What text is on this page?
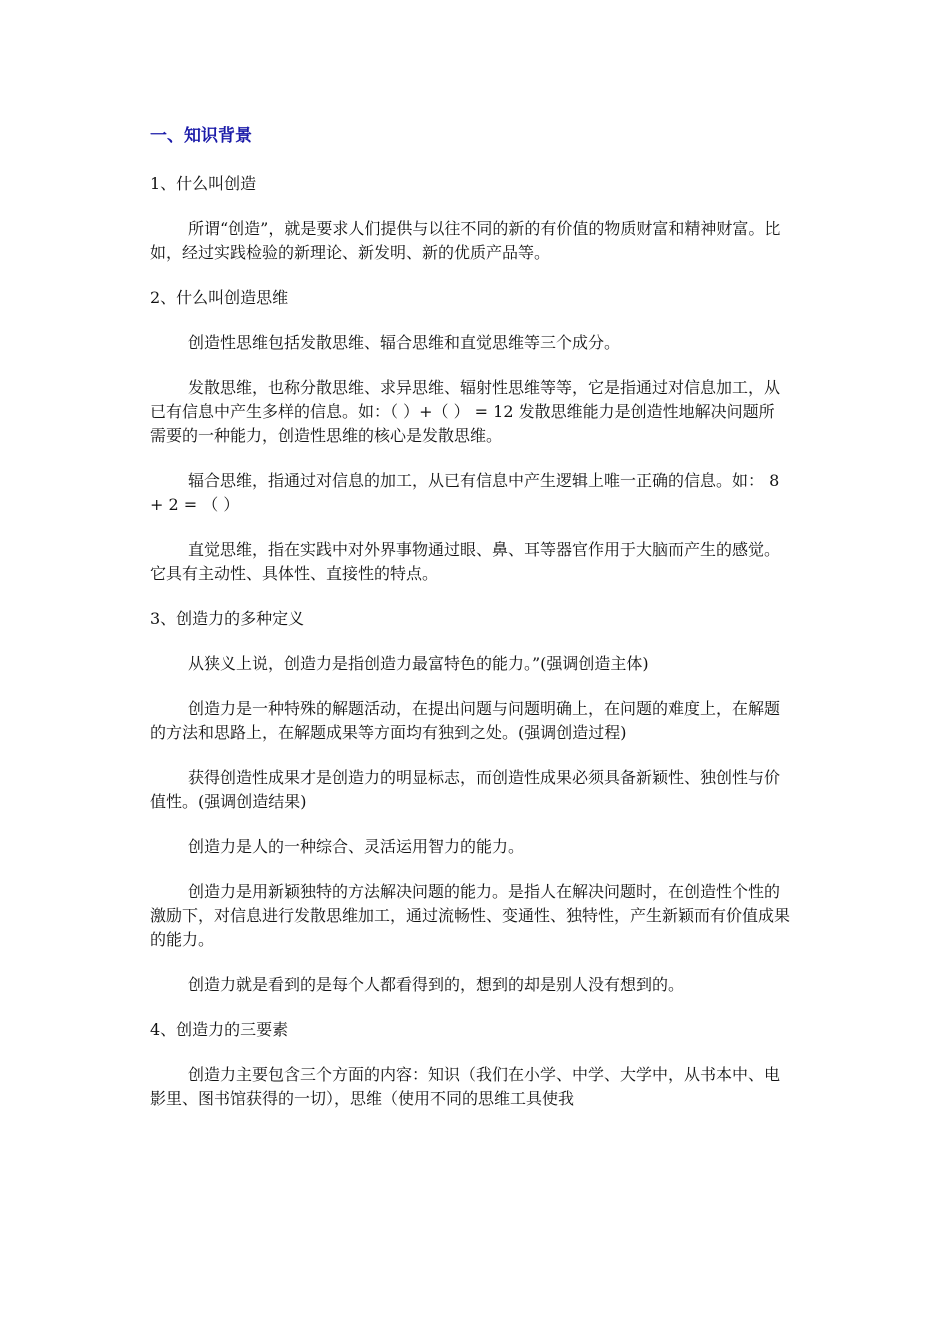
一、知识背景
1、什么叫创造

所谓“创造”，就是要求人们提供与以往不同的新的有价值的物质财富和精神财富。比如，经过实践检验的新理论、新发明、新的优质产品等。

2、什么叫创造思维

创造性思维包括发散思维、辐合思维和直觉思维等三个成分。

发散思维，也称分散思维、求异思维、辐射性思维等等，它是指通过对信息加工，从已有信息中产生多样的信息。如：（ ）+（ ） = 12 发散思维能力是创造性地解决问题所需要的一种能力，创造性思维的核心是发散思维。

辐合思维，指通过对信息的加工，从已有信息中产生逻辑上唯一正确的信息。如： 8 + 2 = （ ）

直觉思维，指在实践中对外界事物通过眼、鼻、耳等器官作用于大脑而产生的感觉。它具有主动性、具体性、直接性的特点。

3、创造力的多种定义

从狭义上说，创造力是指创造力最富特色的能力。”(强调创造主体)

创造力是一种特殊的解题活动，在提出问题与问题明确上，在问题的难度上，在解题的方法和思路上，在解题成果等方面均有独到之处。(强调创造过程)

获得创造性成果才是创造力的明显标志，而创造性成果必须具备新颖性、独创性与价值性。(强调创造结果)

创造力是人的一种综合、灵活运用智力的能力。

创造力是用新颖独特的方法解决问题的能力。是指人在解决问题时，在创造性个性的激励下，对信息进行发散思维加工，通过流畅性、变通性、独特性，产生新颖而有价值成果的能力。

创造力就是看到的是每个人都看得到的，想到的却是别人没有想到的。

4、创造力的三要素

创造力主要包含三个方面的内容：知识（我们在小学、中学、大学中，从书本中、电影里、图书馆获得的一切），思维（使用不同的思维工具使我
